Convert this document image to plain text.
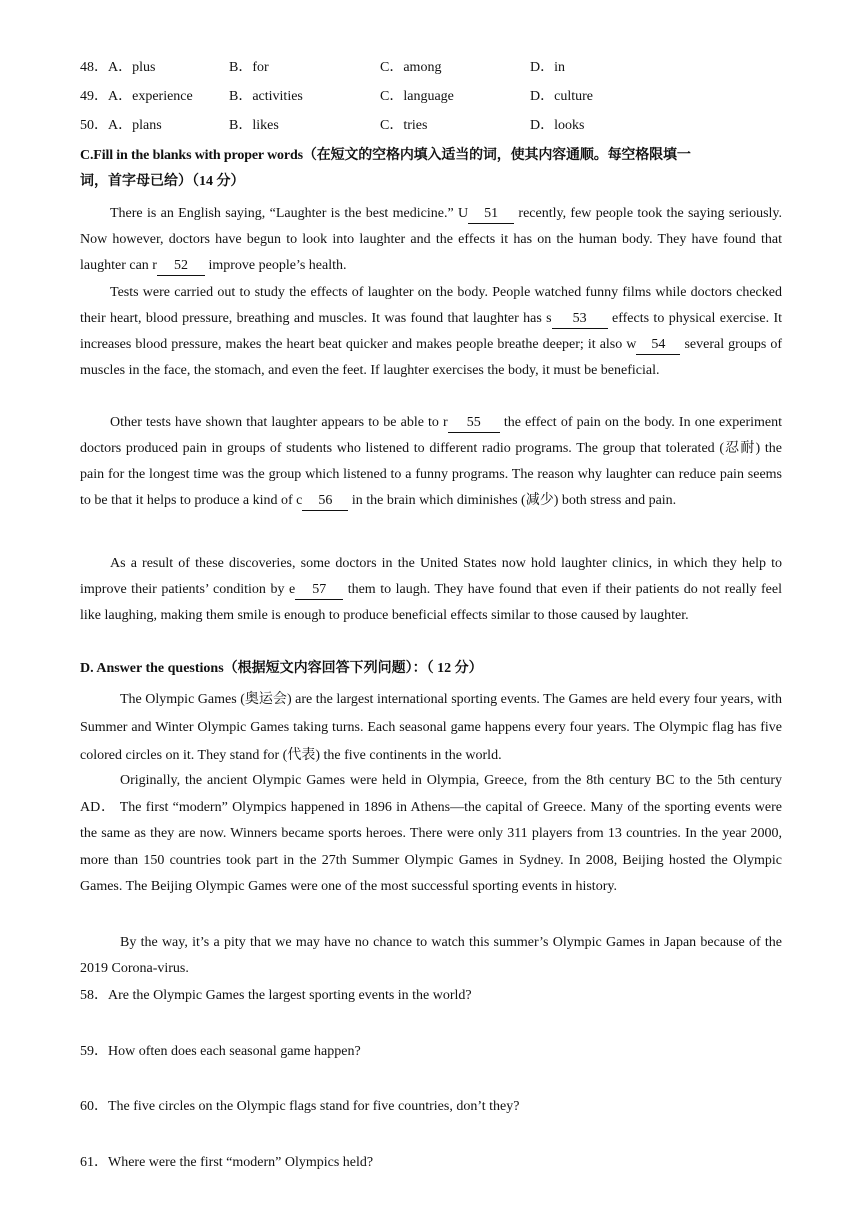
48．A．plus	B．for	C．among	D．in
49．A．experience	B．activities	C．language	D．culture
50．A．plans	B．likes	C．tries	D．looks
C.Fill in the blanks with proper words（在短文的空格内填入适当的词，使其内容通顺。每空格限填一
词，首字母已给）（14 分）

There is an English saying, “Laughter is the best medicine.” U 51 recently, few people took the saying seriously. Now however, doctors have begun to look into laughter and the effects it has on the human body. They have found that laughter can r 52 improve people’s health.

Tests were carried out to study the effects of laughter on the body. People watched funny films while doctors checked their heart, blood pressure, breathing and muscles. It was found that laughter has s 53 effects to physical exercise. It increases blood pressure, makes the heart beat quicker and makes people breathe deeper; it also w 54 several groups of muscles in the face, the stomach, and even the feet. If laughter exercises the body, it must be beneficial.

Other tests have shown that laughter appears to be able to r 55 the effect of pain on the body. In one experiment doctors produced pain in groups of students who listened to different radio programs. The group that tolerated (忍耐) the pain for the longest time was the group which listened to a funny programs. The reason why laughter can reduce pain seems to be that it helps to produce a kind of c 56 in the brain which diminishes (减少) both stress and pain.

As a result of these discoveries, some doctors in the United States now hold laughter clinics, in which they help to improve their patients’ condition by e 57 them to laugh. They have found that even if their patients do not really feel like laughing, making them smile is enough to produce beneficial effects similar to those caused by laughter.

D. Answer the questions（根据短文内容回答下列问题）：（ 12 分）

The Olympic Games (奥运会) are the largest international sporting events. The Games are held every four years, with Summer and Winter Olympic Games taking turns. Each seasonal game happens every four years. The Olympic flag has five colored circles on it. They stand for (代表) the five continents in the world.

Originally, the ancient Olympic Games were held in Olympia, Greece, from the 8th century BC to the 5th century AD． The first “modern” Olympics happened in 1896 in Athens—the capital of Greece. Many of the sporting events were the same as they are now. Winners became sports heroes. There were only 311 players from 13 countries. In the year 2000, more than 150 countries took part in the 27th Summer Olympic Games in Sydney. In 2008, Beijing hosted the Olympic Games. The Beijing Olympic Games were one of the most successful sporting events in history.

By the way, it’s a pity that we may have no chance to watch this summer’s Olympic Games in Japan because of the 2019 Corona-virus.

58．Are the Olympic Games the largest sporting events in the world?
59．How often does each seasonal game happen?
60．The five circles on the Olympic flags stand for five countries, don’t they?
61．Where were the first “modern” Olympics held?
